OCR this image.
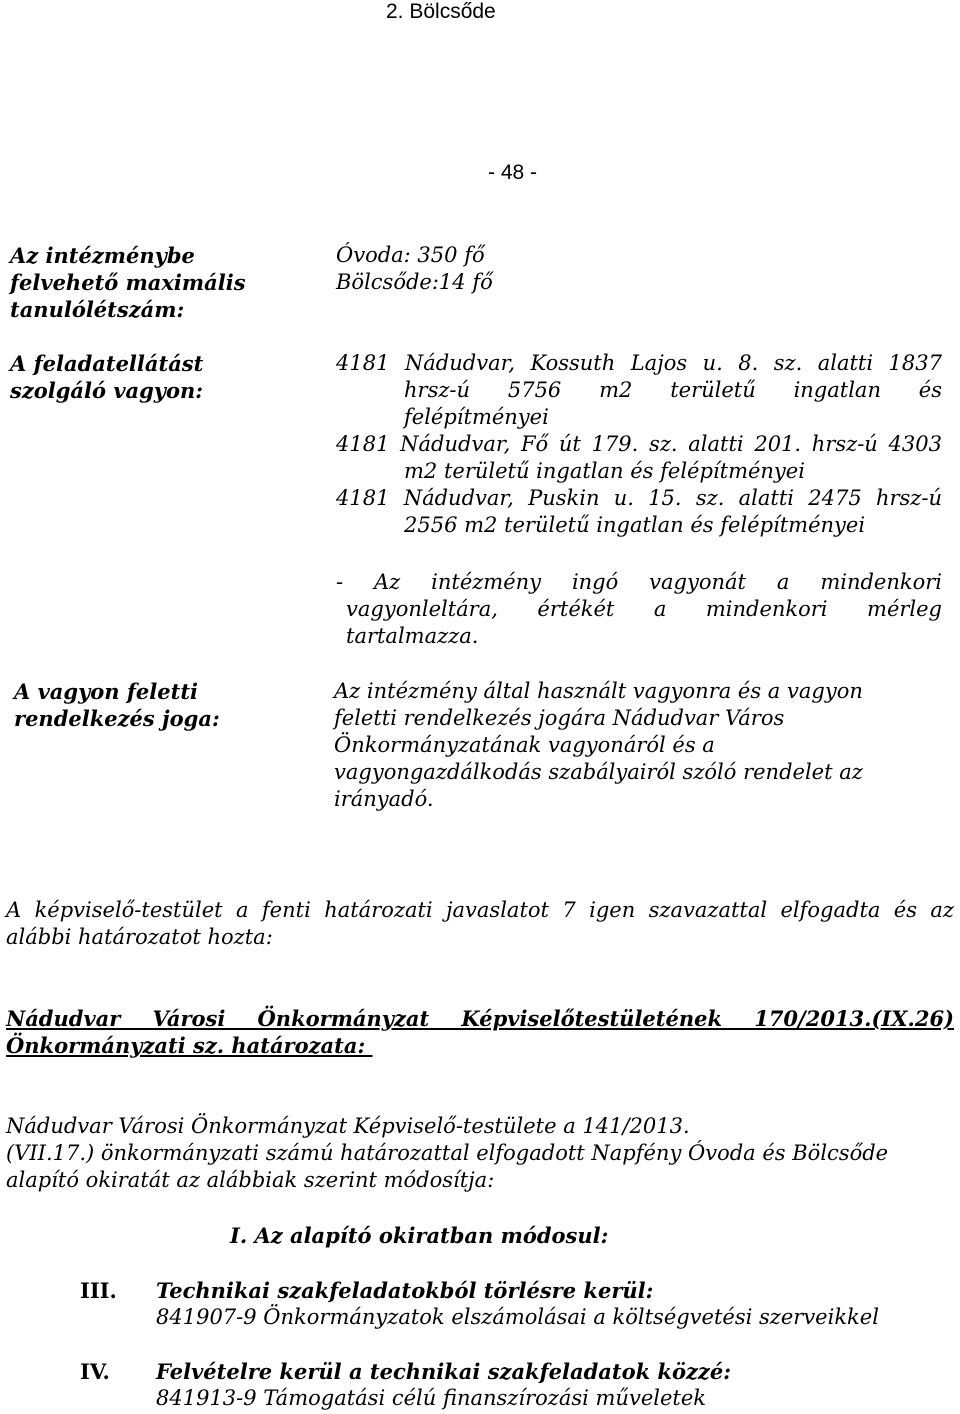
2. Bölcsőde
- 48 -
Az intézménybe
felvehető maximális
tanulólétszám:
Óvoda: 350 fő
Bölcsőde:14 fő
A feladatellátást
szolgáló vagyon:
4181 Nádudvar, Kossuth Lajos u. 8. sz. alatti 1837
hrsz-ú 5756 m2 területű ingatlan és
felépítményei
4181 Nádudvar, Fő út 179. sz. alatti 201. hrsz-ú 4303
m2 területű ingatlan és felépítményei
4181 Nádudvar, Puskin u. 15. sz. alatti 2475 hrsz-ú
2556 m2 területű ingatlan és felépítményei
- Az intézmény ingó vagyonát a mindenkori
vagyonleltára, értékét a mindenkori mérleg
tartalmazza.
A vagyon feletti
rendelkezés joga:
Az intézmény által használt vagyonra és a vagyon
feletti rendelkezés jogára Nádudvar Város
Önkormányzatának vagyonáról és a
vagyongazdálkodás szabályairól szóló rendelet az
irányadó.
A képviselő-testület a fenti határozati javaslatot 7 igen szavazattal elfogadta és az
alábbi határozatot hozta:
Nádudvar Városi Önkormányzat Képviselőtestületének 170/2013.(IX.26)
Önkormányzati sz. határozata:
Nádudvar Városi Önkormányzat Képviselő-testülete a 141/2013.
(VII.17.) önkormányzati számú határozattal elfogadott Napfény Óvoda és Bölcsőde
alapító okiratát az alábbiak szerint módosítja:
I. Az alapító okiratban módosul:
III. Technikai szakfeladatokból törlésre kerül:
841907-9 Önkormányzatok elszámolásai a költségvetési szerveikkel
IV. Felvételre kerül a technikai szakfeladatok közzé:
841913-9 Támogatási célú finanszírozási műveletek
